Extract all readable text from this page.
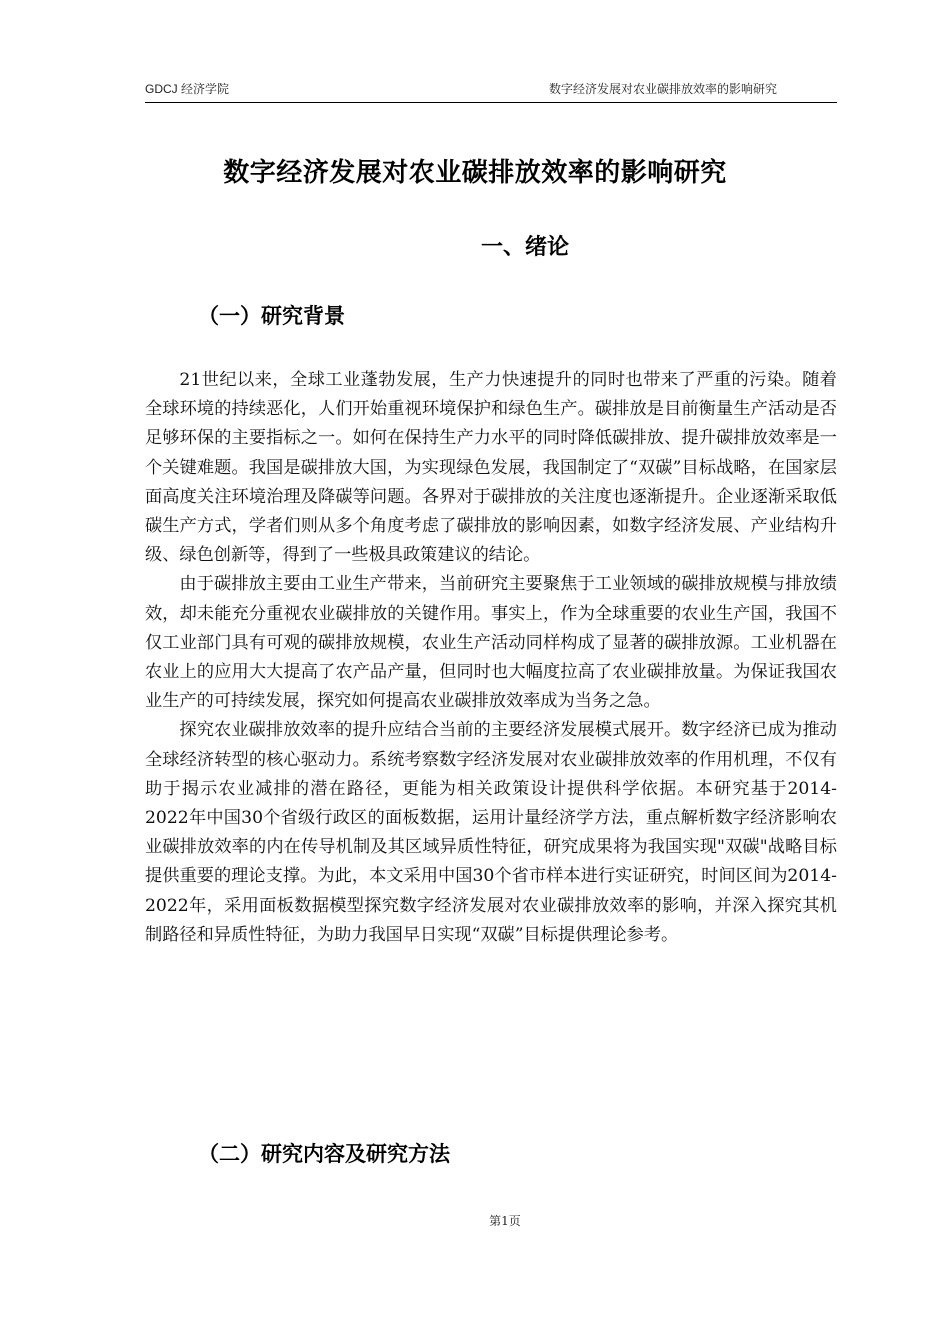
GDCJ 经济学院	数字经济发展对农业碳排放效率的影响研究
数字经济发展对农业碳排放效率的影响研究
一、绪论
（一）研究背景

21世纪以来，全球工业蓬勃发展，生产力快速提升的同时也带来了严重的污染。随着全球环境的持续恶化，人们开始重视环境保护和绿色生产。碳排放是目前衡量生产活动是否足够环保的主要指标之一。如何在保持生产力水平的同时降低碳排放、提升碳排放效率是一个关键难题。我国是碳排放大国，为实现绿色发展，我国制定了“双碳”目标战略，在国家层面高度关注环境治理及降碳等问题。各界对于碳排放的关注度也逐渐提升。企业逐渐采取低碳生产方式，学者们则从多个角度考虑了碳排放的影响因素，如数字经济发展、产业结构升级、绿色创新等，得到了一些极具政策建议的结论。

由于碳排放主要由工业生产带来，当前研究主要聚焦于工业领域的碳排放规模与排放绩效，却未能充分重视农业碳排放的关键作用。事实上，作为全球重要的农业生产国，我国不仅工业部门具有可观的碳排放规模，农业生产活动同样构成了显著的碳排放源。工业机器在农业上的应用大大提高了农产品产量，但同时也大幅度拉高了农业碳排放量。为保证我国农业生产的可持续发展，探究如何提高农业碳排放效率成为当务之急。

探究农业碳排放效率的提升应结合当前的主要经济发展模式展开。数字经济已成为推动全球经济转型的核心驱动力。系统考察数字经济发展对农业碳排放效率的作用机理，不仅有助于揭示农业减排的潜在路径，更能为相关政策设计提供科学依据。本研究基于2014-2022年中国30个省级行政区的面板数据，运用计量经济学方法，重点解析数字经济影响农业碳排放效率的内在传导机制及其区域异质性特征，研究成果将为我国实现"双碳"战略目标提供重要的理论支撑。为此，本文采用中国30个省市样本进行实证研究，时间区间为2014-2022年，采用面板数据模型探究数字经济发展对农业碳排放效率的影响，并深入探究其机制路径和异质性特征，为助力我国早日实现“双碳”目标提供理论参考。

（二）研究内容及研究方法
第1页
